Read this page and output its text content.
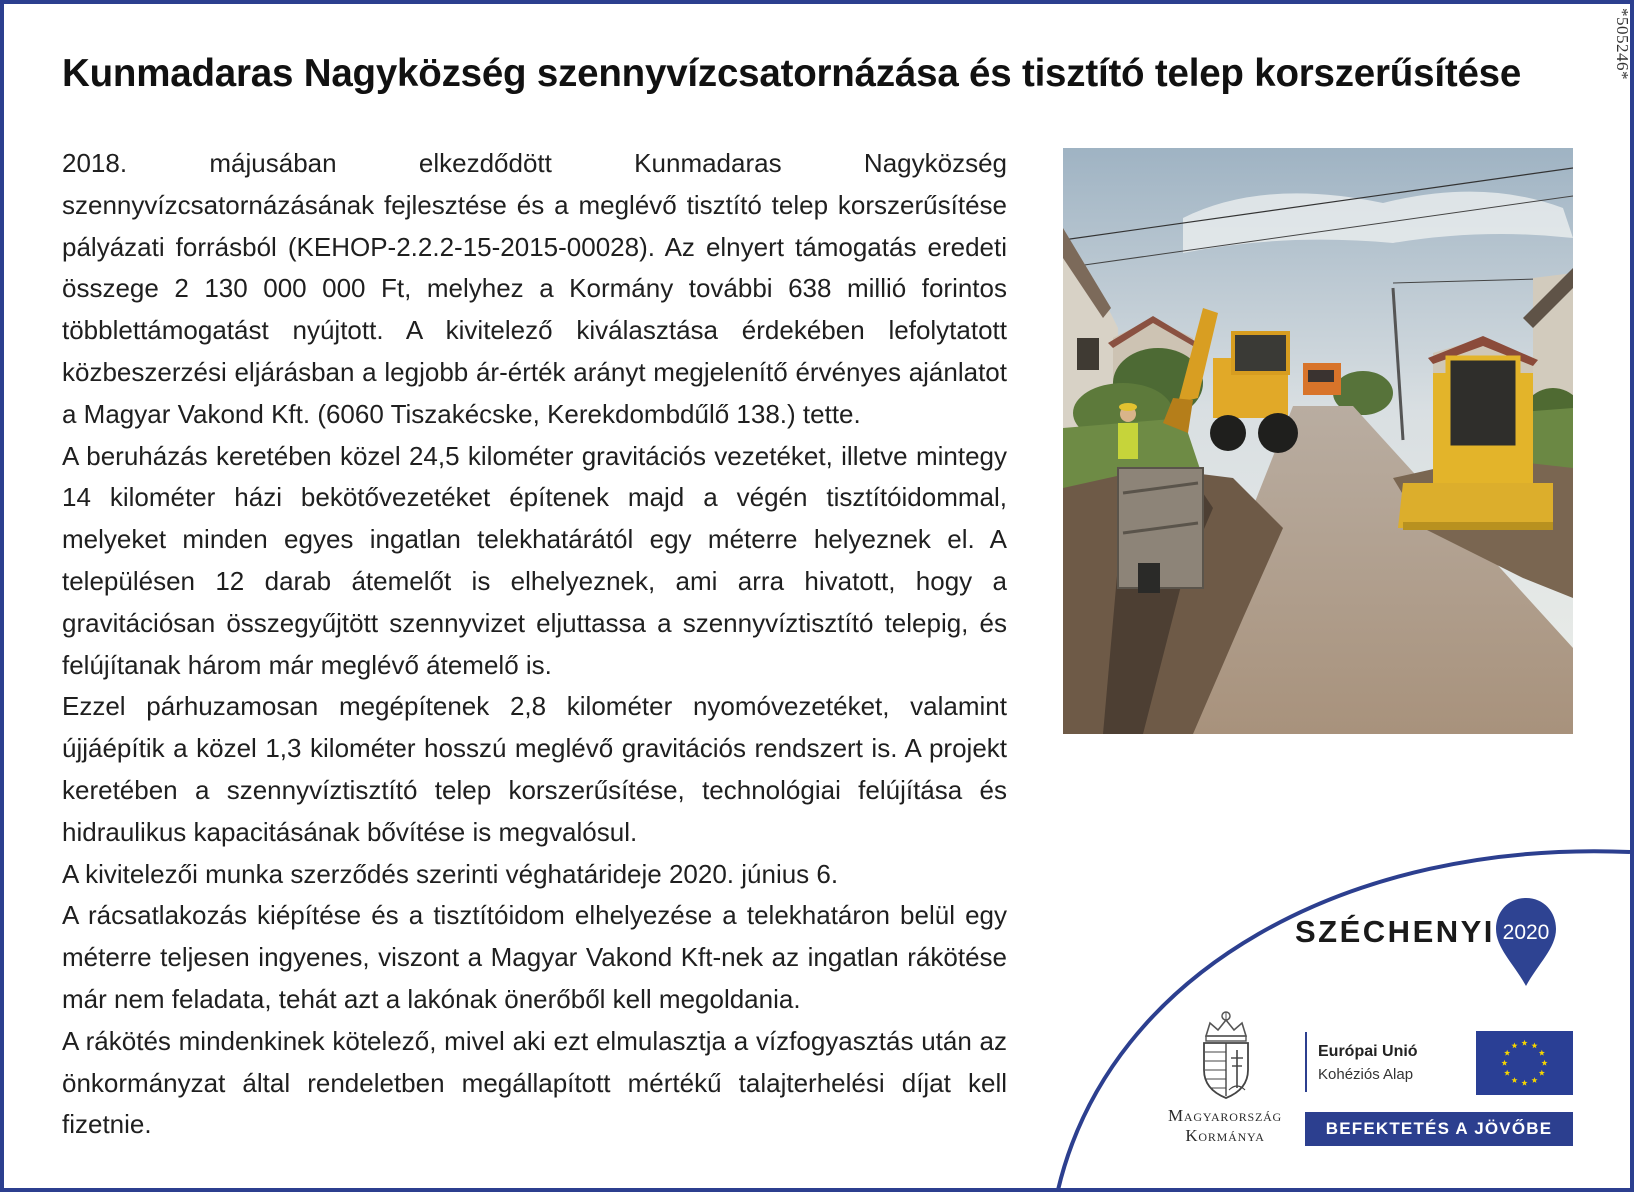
*505246*
Kunmadaras Nagyközség szennyvízcsatornázása és tisztító telep korszerűsítése

2018. májusában elkezdődött Kunmadaras Nagyközség szennyvízcsatornázásának fejlesztése és a meglévő tisztító telep korszerűsítése pályázati forrásból (KEHOP-2.2.2-15-2015-00028). Az elnyert támogatás eredeti összege 2 130 000 000 Ft, melyhez a Kormány további 638 millió forintos többlettámogatást nyújtott. A kivitelező kiválasztása érdekében lefolytatott közbeszerzési eljárásban a legjobb ár-érték arányt megjelenítő érvényes ajánlatot a Magyar Vakond Kft. (6060 Tiszakécske, Kerekdombdűlő 138.) tette.

A beruházás keretében közel 24,5 kilométer gravitációs vezetéket, illetve mintegy 14 kilométer házi bekötővezetéket építenek majd a végén tisztítóidommal, melyeket minden egyes ingatlan telekhatárától egy méterre helyeznek el. A településen 12 darab átemelőt is elhelyeznek, ami arra hivatott, hogy a gravitációsan összegyűjtött szennyvizet eljuttassa a szennyvíztisztító telepig, és felújítanak három már meglévő átemelő is.

Ezzel párhuzamosan megépítenek 2,8 kilométer nyomóvezetéket, valamint újjáépítik a közel 1,3 kilométer hosszú meglévő gravitációs rendszert is. A projekt keretében a szennyvíztisztító telep korszerűsítése, technológiai felújítása és hidraulikus kapacitásának bővítése is megvalósul.

A kivitelezői munka szerződés szerinti véghatárideje 2020. június 6.

A rácsatlakozás kiépítése és a tisztítóidom elhelyezése a telekhatáron belül egy méterre teljesen ingyenes, viszont a Magyar Vakond Kft-nek az ingatlan rákötése már nem feladata, tehát azt a lakónak önerőből kell megoldania.

A rákötés mindenkinek kötelező, mivel aki ezt elmulasztja a vízfogyasztás után az önkormányzat által rendeletben megállapított mértékű talajterhelési díjat kell fizetnie.

SZÉCHENYI 2020
Magyarország
Kormánya
Európai Unió
Kohéziós Alap
BEFEKTETÉS A JÖVŐBE
